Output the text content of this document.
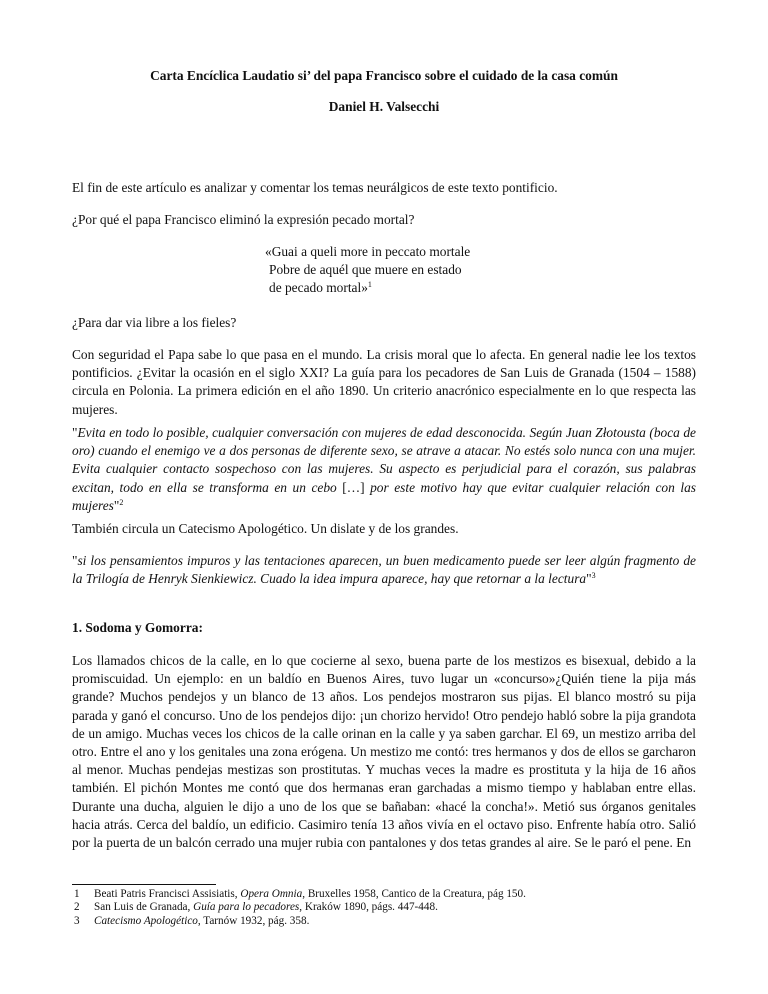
Carta Encíclica Laudatio si’ del papa Francisco sobre el cuidado de la casa común
Daniel H. Valsecchi
El fin de este artículo es analizar y comentar los temas neurálgicos de este texto pontificio.
¿Por qué el papa Francisco eliminó la expresión pecado mortal?
«Guai a queli more in peccato mortale
Pobre de aquél que muere en estado
de pecado mortal»$^1$
¿Para dar via libre a los fieles?
Con seguridad el Papa sabe lo que pasa en el mundo. La crisis moral que lo afecta. En general nadie lee los textos pontificios. ¿Evitar la ocasión en el siglo XXI? La guía para los pecadores de San Luis de Granada (1504 – 1588) circula en Polonia. La primera edición en el año 1890. Un criterio anacrónico especialmente en lo que respecta las mujeres.
"Evita en todo lo posible, cualquier conversación con mujeres de edad desconocida. Según Juan Złotousta (boca de oro) cuando el enemigo ve a dos personas de diferente sexo, se atrave a atacar. No estés solo nunca con una mujer. Evita cualquier contacto sospechoso con las mujeres. Su aspecto es perjudicial para el corazón, sus palabras excitan, todo en ella se transforma en un cebo […] por este motivo hay que evitar cualquier relación con las mujeres"$^2$
También circula un Catecismo Apologético. Un dislate y de los grandes.
"si los pensamientos impuros y las tentaciones aparecen, un buen medicamento puede ser leer algún fragmento de la Trilogía de Henryk Sienkiewicz. Cuado la idea impura aparece, hay que retornar a la lectura"$^3$
1. Sodoma y Gomorra:
Los llamados chicos de la calle, en lo que cocierne al sexo, buena parte de los mestizos es bisexual, debido a la promiscuidad. Un ejemplo: en un baldío en Buenos Aires, tuvo lugar un «concurso»¿Quién tiene la pija más grande? Muchos pendejos y un blanco de 13 años. Los pendejos mostraron sus pijas. El blanco mostró su pija parada y ganó el concurso. Uno de los pendejos dijo: ¡un chorizo hervido! Otro pendejo habló sobre la pija grandota de un amigo. Muchas veces los chicos de la calle orinan en la calle y ya saben garchar. El 69, un mestizo arriba del otro. Entre el ano y los genitales una zona erógena. Un mestizo me contó: tres hermanos y dos de ellos se garcharon al menor. Muchas pendejas mestizas son prostitutas. Y muchas veces la madre es prostituta y la hija de 16 años también. El pichón Montes me contó que dos hermanas eran garchadas a mismo tiempo y hablaban entre ellas. Durante una ducha, alguien le dijo a uno de los que se bañaban: «hacé la concha!». Metió sus órganos genitales hacia atrás. Cerca del baldío, un edificio. Casimiro tenía 13 años vivía en el octavo piso. Enfrente había otro. Salió por la puerta de un balcón cerrado una mujer rubia con pantalones y dos tetas grandes al aire. Se le paró el pene. En
1	Beati Patris Francisci Assisiatis, Opera Omnia, Bruxelles 1958, Cantico de la Creatura, pág 150.
2	San Luis de Granada, Guía para lo pecadores, Kraków 1890, págs. 447-448.
3	Catecismo Apologético, Tarnów 1932, pág. 358.
